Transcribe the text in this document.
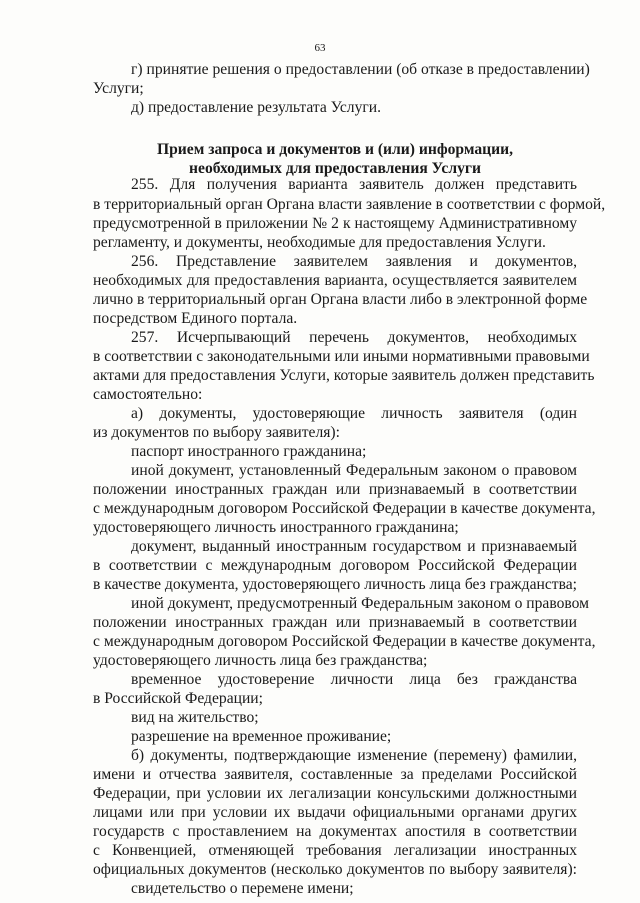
63
Прием запроса и документов и (или) информации,
необходимых для предоставления Услуги
г) принятие решения о предоставлении (об отказе в предоставлении)
Услуги;
д) предоставление результата Услуги.
255. Для получения варианта заявитель должен представить
в территориальный орган Органа власти заявление в соответствии с формой,
предусмотренной в приложении № 2 к настоящему Административному
регламенту, и документы, необходимые для предоставления Услуги.
256. Представление заявителем заявления и документов,
необходимых для предоставления варианта, осуществляется заявителем
лично в территориальный орган Органа власти либо в электронной форме
посредством Единого портала.
257. Исчерпывающий перечень документов, необходимых
в соответствии с законодательными или иными нормативными правовыми
актами для предоставления Услуги, которые заявитель должен представить
самостоятельно:
а) документы, удостоверяющие личность заявителя (один
из документов по выбору заявителя):
паспорт иностранного гражданина;
иной документ, установленный Федеральным законом о правовом
положении иностранных граждан или признаваемый в соответствии
с международным договором Российской Федерации в качестве документа,
удостоверяющего личность иностранного гражданина;
документ, выданный иностранным государством и признаваемый
в соответствии с международным договором Российской Федерации
в качестве документа, удостоверяющего личность лица без гражданства;
иной документ, предусмотренный Федеральным законом о правовом
положении иностранных граждан или признаваемый в соответствии
с международным договором Российской Федерации в качестве документа,
удостоверяющего личность лица без гражданства;
временное удостоверение личности лица без гражданства
в Российской Федерации;
вид на жительство;
разрешение на временное проживание;
б) документы, подтверждающие изменение (перемену) фамилии,
имени и отчества заявителя, составленные за пределами Российской
Федерации, при условии их легализации консульскими должностными
лицами или при условии их выдачи официальными органами других
государств с проставлением на документах апостиля в соответствии
с Конвенцией, отменяющей требования легализации иностранных
официальных документов (несколько документов по выбору заявителя):
свидетельство о перемене имени;
